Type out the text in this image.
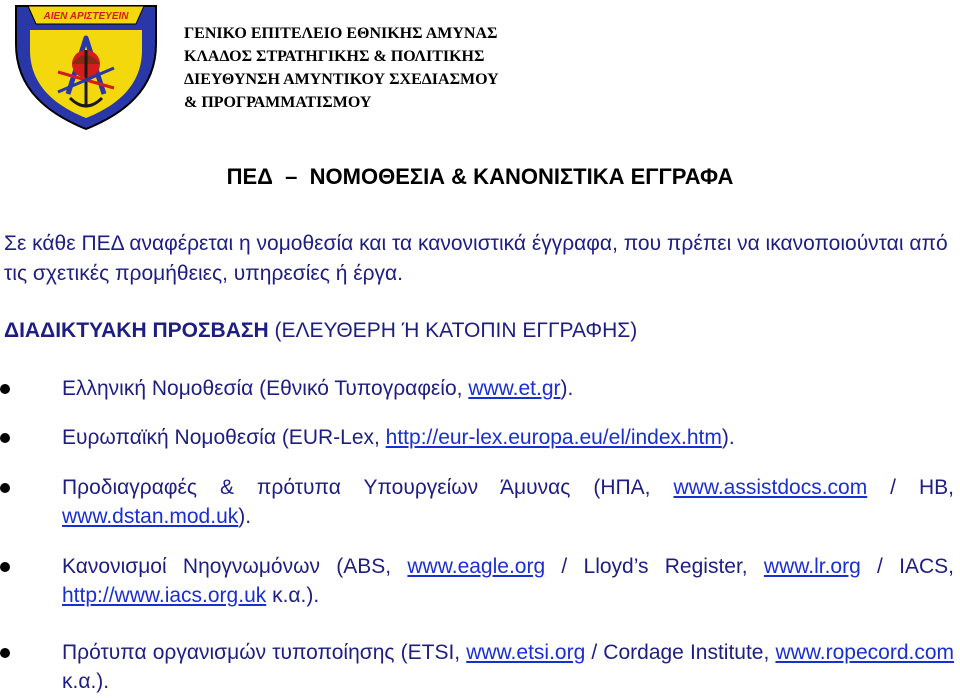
ΑΙΕΝ ΑΡΙΣΤΕΥΕΙΝ
ΓΕΝΙΚΟ ΕΠΙΤΕΛΕΙΟ ΕΘΝΙΚΗΣ ΑΜΥΝΑΣ
ΚΛΑΔΟΣ ΣΤΡΑΤΗΓΙΚΗΣ & ΠΟΛΙΤΙΚΗΣ
ΔΙΕΥΘΥΝΣΗ ΑΜΥΝΤΙΚΟΥ ΣΧΕΔΙΑΣΜΟΥ
& ΠΡΟΓΡΑΜΜΑΤΙΣΜΟΥ
ΠΕΔ  –  ΝΟΜΟΘΕΣΙΑ & ΚΑΝΟΝΙΣΤΙΚΑ ΕΓΓΡΑΦΑ
Σε κάθε ΠΕΔ αναφέρεται η νομοθεσία και τα κανονιστικά έγγραφα, που πρέπει να ικανοποιούνται από τις σχετικές προμήθειες, υπηρεσίες ή έργα.
ΔΙΑΔΙΚΤΥΑΚΗ ΠΡΟΣΒΑΣΗ (ΕΛΕΥΘΕΡΗ Ή ΚΑΤΟΠΙΝ ΕΓΓΡΑΦΗΣ)
Ελληνική Νομοθεσία (Εθνικό Τυπογραφείο, www.et.gr).
Ευρωπαϊκή Νομοθεσία (EUR-Lex, http://eur-lex.europa.eu/el/index.htm).
Προδιαγραφές & πρότυπα Υπουργείων Άμυνας (ΗΠΑ, www.assistdocs.com / ΗΒ, www.dstan.mod.uk).
Κανονισμοί Νηογνωμόνων (ABS, www.eagle.org / Lloyd’s Register, www.lr.org / IACS, http://www.iacs.org.uk κ.α.).
Πρότυπα οργανισμών τυποποίησης (ETSI, www.etsi.org / Cordage Institute, www.ropecord.com κ.α.).
